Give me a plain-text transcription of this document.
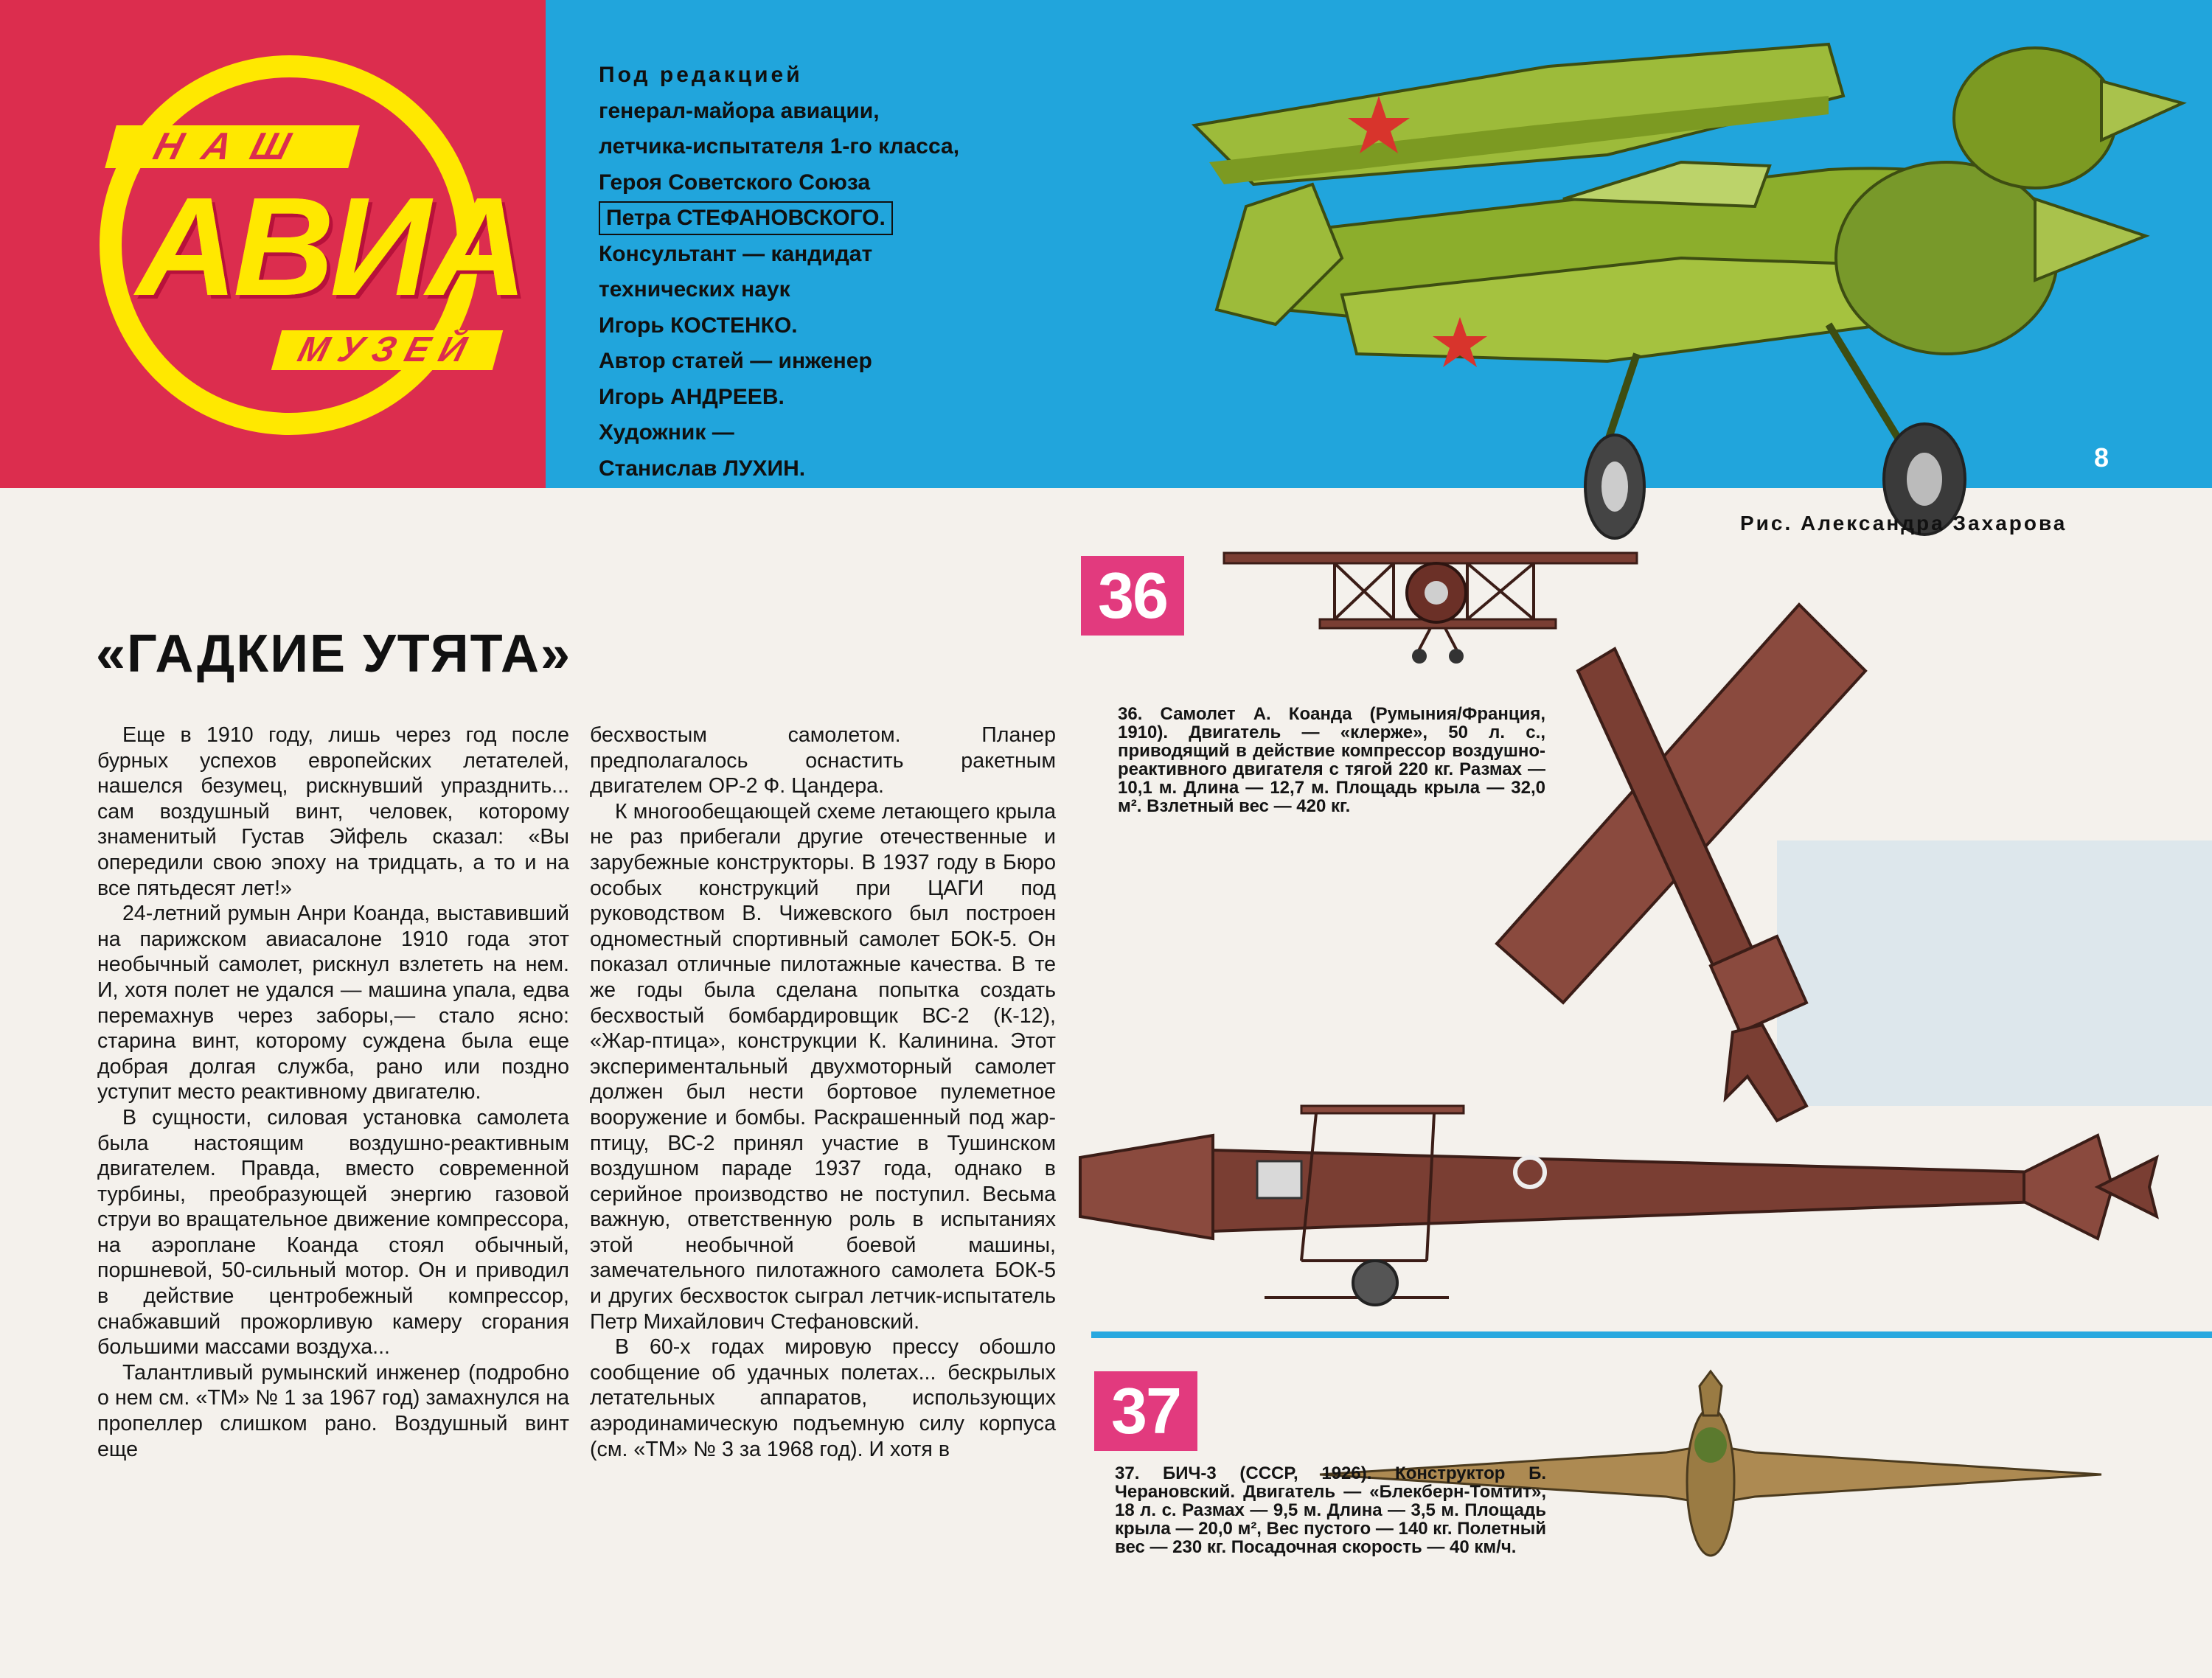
НАШ
АВИА
МУЗЕЙ
Под редакцией
генерал-майора авиации,
летчика-испытателя 1-го класса,
Героя Советского Союза
Петра СТЕФАНОВСКОГО.
Консультант — кандидат
технических наук
Игорь КОСТЕНКО.
Автор статей — инженер
Игорь АНДРЕЕВ.
Художник —
Станислав ЛУХИН.	8
Рис. Александра Захарова
«ГАДКИЕ УТЯТА»

Еще в 1910 году, лишь через год после бурных успехов европейских летателей, нашелся безумец, рискнувший упразднить... сам воздушный винт, человек, которому знаменитый Густав Эйфель сказал: «Вы опередили свою эпоху на тридцать, а то и на все пятьдесят лет!»

24-летний румын Анри Коанда, выставивший на парижском авиасалоне 1910 года этот необычный самолет, рискнул взлететь на нем. И, хотя полет не удался — машина упала, едва перемахнув через заборы,— стало ясно: старина винт, которому суждена была еще добрая долгая служба, рано или поздно уступит место реактивному двигателю.

В сущности, силовая установка самолета была настоящим воздушно-реактивным двигателем. Правда, вместо современной турбины, преобразующей энергию газовой струи во вращательное движение компрессора, на аэроплане Коанда стоял обычный, поршневой, 50-сильный мотор. Он и приводил в действие центробежный компрессор, снабжавший прожорливую камеру сгорания большими массами воздуха...

Талантливый румынский инженер (подробно о нем см. «ТМ» № 1 за 1967 год) замахнулся на пропеллер слишком рано. Воздушный винт еще

бесхвостым самолетом. Планер предполагалось оснастить ракетным двигателем ОР-2 Ф. Цандера.

К многообещающей схеме летающего крыла не раз прибегали другие отечественные и зарубежные конструкторы. В 1937 году в Бюро особых конструкций при ЦАГИ под руководством В. Чижевского был построен одноместный спортивный самолет БОК-5. Он показал отличные пилотажные качества. В те же годы была сделана попытка создать бесхвостый бомбардировщик ВС-2 (К-12), «Жар-птица», конструкции К. Калинина. Этот экспериментальный двухмоторный самолет должен был нести бортовое пулеметное вооружение и бомбы. Раскрашенный под жар-птицу, ВС-2 принял участие в Тушинском воздушном параде 1937 года, однако в серийное производство не поступил. Весьма важную, ответственную роль в испытаниях этой необычной боевой машины, замечательного пилотажного самолета БОК-5 и других бесхвосток сыграл летчик-испытатель Петр Михайлович Стефановский.

В 60-х годах мировую прессу обошло сообщение об удачных полетах... бескрылых летательных аппаратов, использующих аэродинамическую подъемную силу корпуса (см. «ТМ» № 3 за 1968 год). И хотя в

36
36. Самолет А. Коанда (Румыния/Франция, 1910). Двигатель — «клерже», 50 л. с., приводящий в действие компрессор воздушно-реактивного двигателя с тягой 220 кг. Размах — 10,1 м. Длина — 12,7 м. Площадь крыла — 32,0 м². Взлетный вес — 420 кг.
37
37. БИЧ-3 (СССР, 1926). Конструктор Б. Черановский. Двигатель — «Блекберн-Томтит», 18 л. с. Размах — 9,5 м. Длина — 3,5 м. Площадь крыла — 20,0 м², Вес пустого — 140 кг. Полетный вес — 230 кг. Посадочная скорость — 40 км/ч.
